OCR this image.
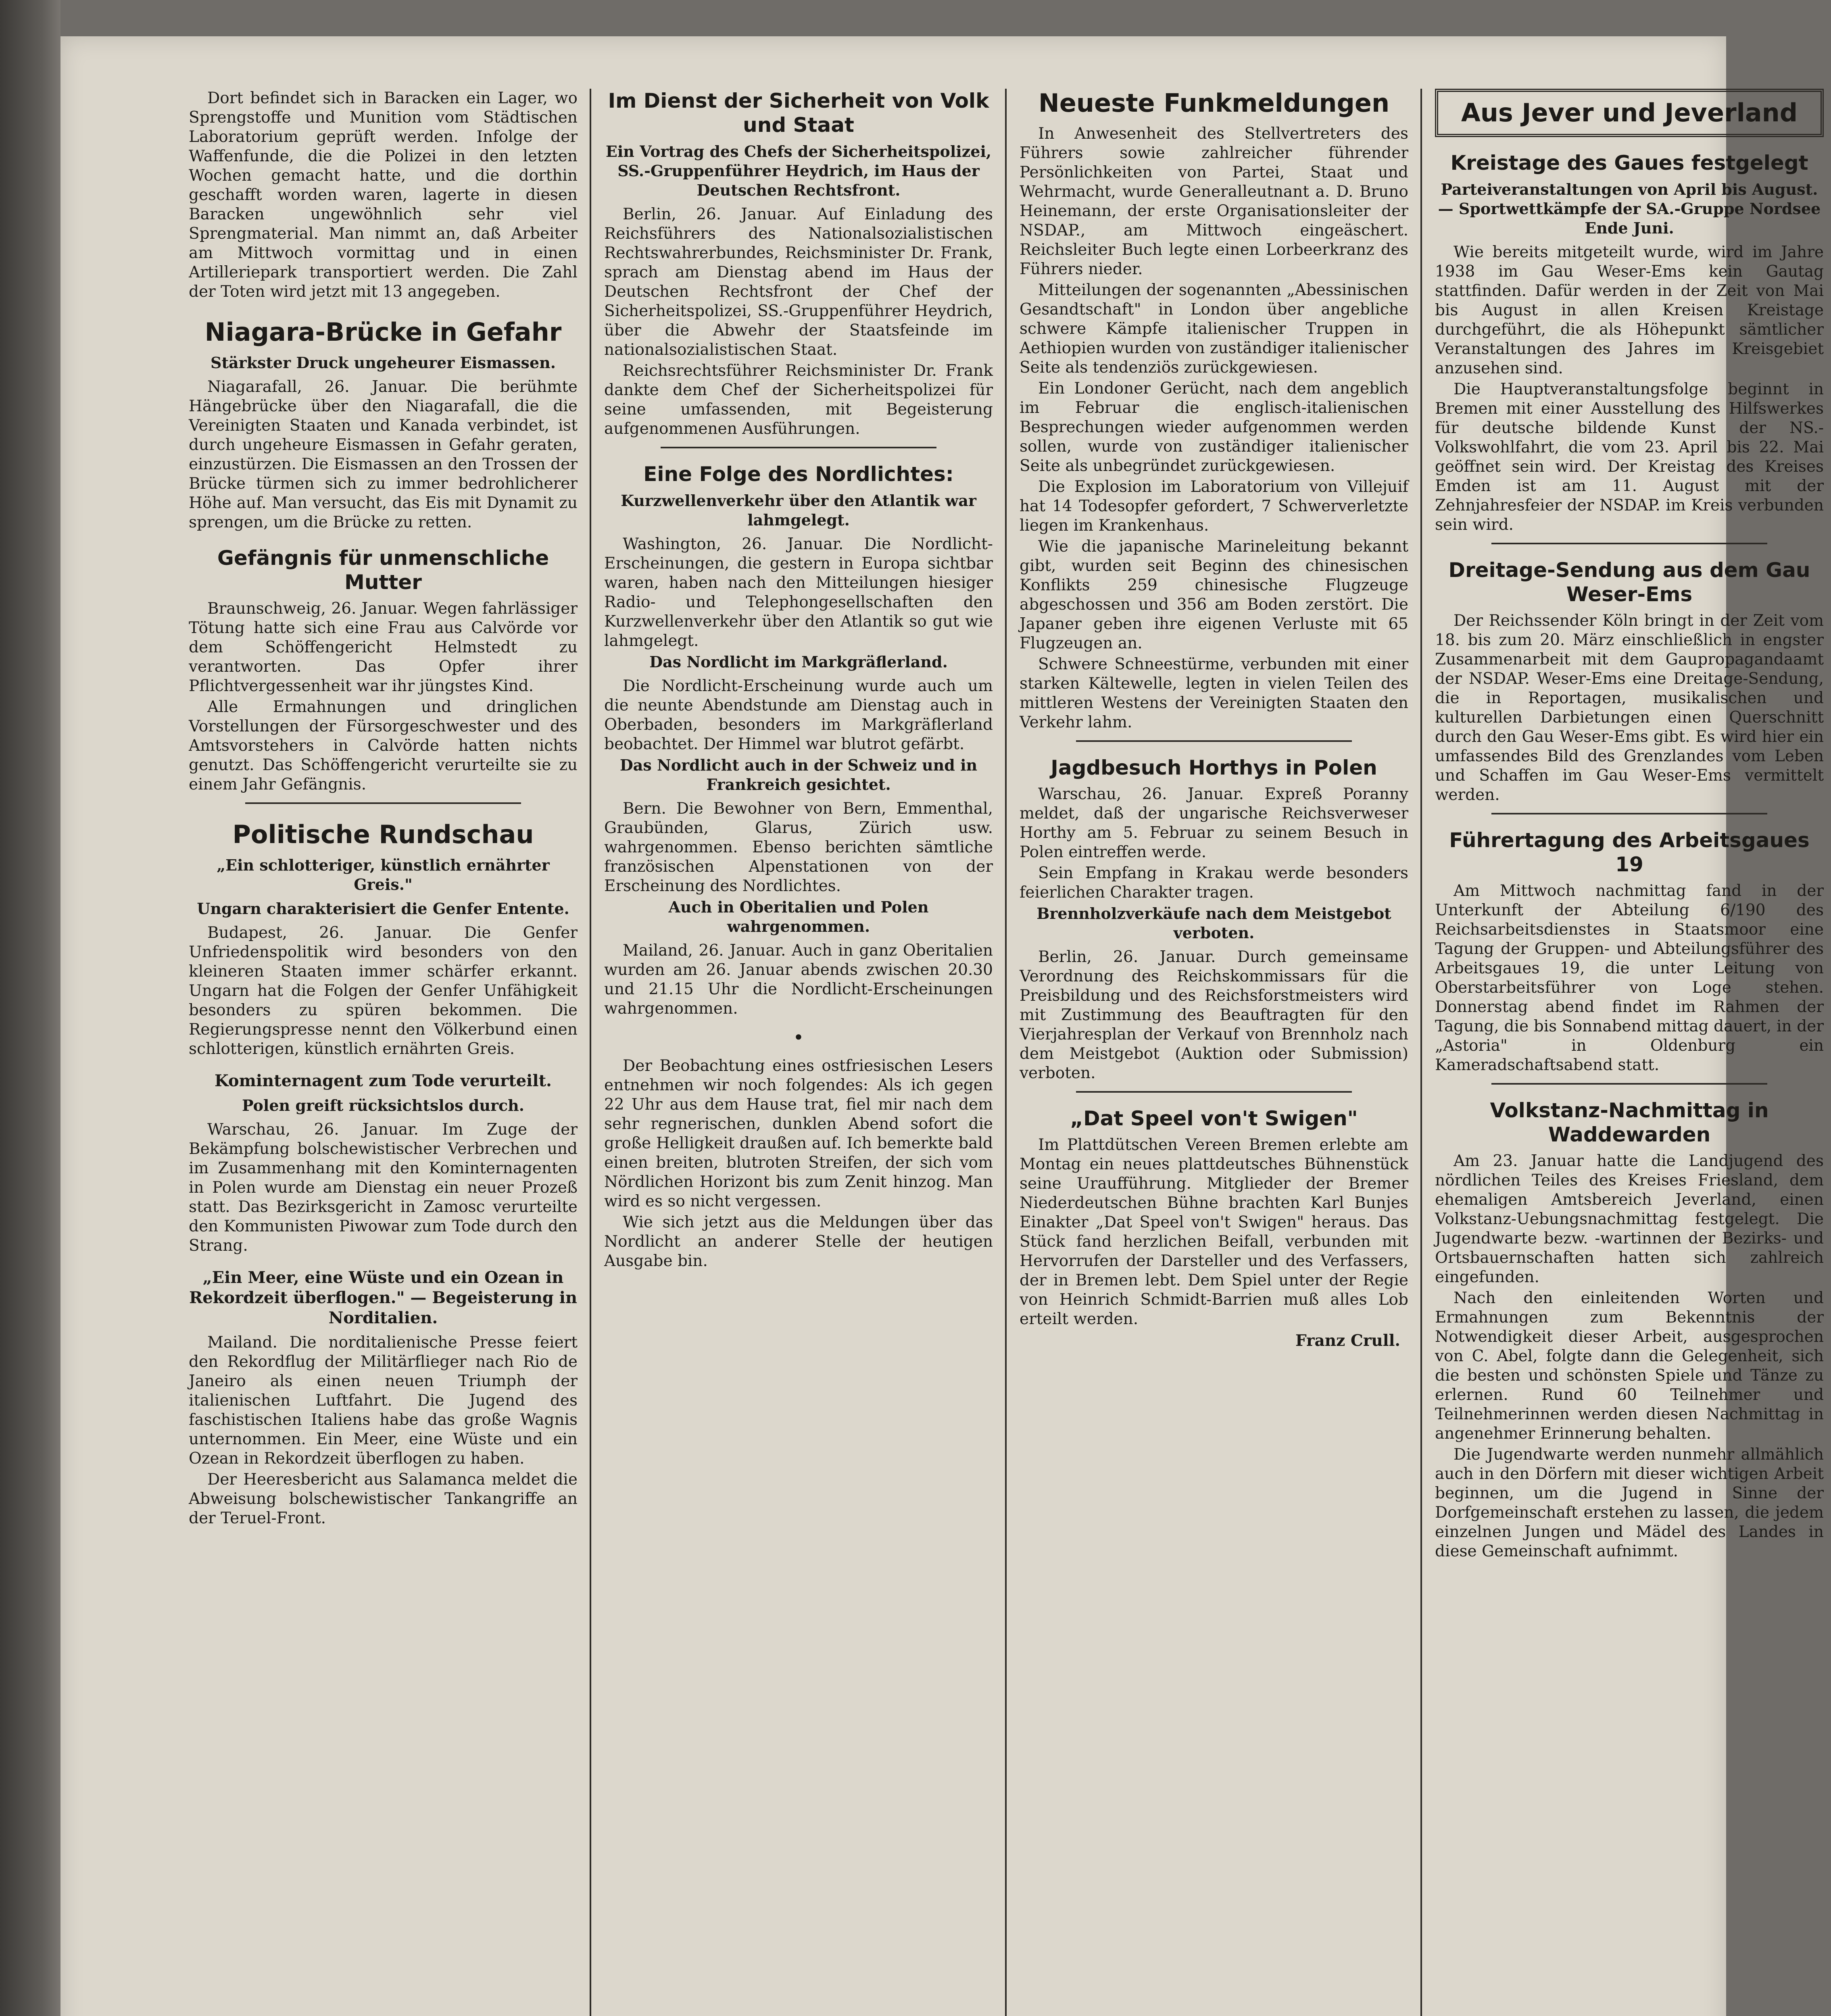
Dort befindet sich in Baracken ein Lager, wo Sprengstoffe und Munition vom Städtischen Laboratorium geprüft werden. Infolge der Waffenfunde, die die Polizei in den letzten Wochen gemacht hatte, und die dorthin geschafft worden waren, lagerte in diesen Baracken ungewöhnlich sehr viel Sprengmaterial. Man nimmt an, daß Arbeiter am Mittwoch vormittag und in einen Artilleriepark transportiert werden. Die Zahl der Toten wird jetzt mit 13 angegeben.

Niagara-Brücke in Gefahr
Stärkster Druck ungeheurer Eismassen.

Niagarafall, 26. Januar. Die berühmte Hängebrücke über den Niagarafall, die die Vereinigten Staaten und Kanada verbindet, ist durch ungeheure Eismassen in Gefahr geraten, einzustürzen. Die Eismassen an den Trossen der Brücke türmen sich zu immer bedrohlicherer Höhe auf. Man versucht, das Eis mit Dynamit zu sprengen, um die Brücke zu retten.

Gefängnis für unmenschliche Mutter

Braunschweig, 26. Januar. Wegen fahrlässiger Tötung hatte sich eine Frau aus Calvörde vor dem Schöffengericht Helmstedt zu verantworten. Das Opfer ihrer Pflichtvergessenheit war ihr jüngstes Kind.

Alle Ermahnungen und dringlichen Vorstellungen der Fürsorgeschwester und des Amtsvorstehers in Calvörde hatten nichts genutzt. Das Schöffengericht verurteilte sie zu einem Jahr Gefängnis.

Politische Rundschau
„Ein schlotteriger, künstlich ernährter Greis."
Ungarn charakterisiert die Genfer Entente.

Budapest, 26. Januar. Die Genfer Unfriedenspolitik wird besonders von den kleineren Staaten immer schärfer erkannt. Ungarn hat die Folgen der Genfer Unfähigkeit besonders zu spüren bekommen. Die Regierungspresse nennt den Völkerbund einen schlotterigen, künstlich ernährten Greis.

Kominternagent zum Tode verurteilt.
Polen greift rücksichtslos durch.

Warschau, 26. Januar. Im Zuge der Bekämpfung bolschewistischer Verbrechen und im Zusammenhang mit den Kominternagenten in Polen wurde am Dienstag ein neuer Prozeß statt. Das Bezirksgericht in Zamosc verurteilte den Kommunisten Piwowar zum Tode durch den Strang.

„Ein Meer, eine Wüste und ein Ozean in Rekordzeit überflogen." — Begeisterung in Norditalien.

Mailand. Die norditalienische Presse feiert den Rekordflug der Militärflieger nach Rio de Janeiro als einen neuen Triumph der italienischen Luftfahrt. Die Jugend des faschistischen Italiens habe das große Wagnis unternommen. Ein Meer, eine Wüste und ein Ozean in Rekordzeit überflogen zu haben.

Der Heeresbericht aus Salamanca meldet die Abweisung bolschewistischer Tankangriffe an der Teruel-Front.

Im Dienst der Sicherheit von Volk und Staat
Ein Vortrag des Chefs der Sicherheitspolizei, SS.-Gruppenführer Heydrich, im Haus der Deutschen Rechtsfront.

Berlin, 26. Januar. Auf Einladung des Reichsführers des Nationalsozialistischen Rechtswahrerbundes, Reichsminister Dr. Frank, sprach am Dienstag abend im Haus der Deutschen Rechtsfront der Chef der Sicherheitspolizei, SS.-Gruppenführer Heydrich, über die Abwehr der Staatsfeinde im nationalsozialistischen Staat.

Reichsrechtsführer Reichsminister Dr. Frank dankte dem Chef der Sicherheitspolizei für seine umfassenden, mit Begeisterung aufgenommenen Ausführungen.

Eine Folge des Nordlichtes:
Kurzwellenverkehr über den Atlantik war lahmgelegt.

Washington, 26. Januar. Die Nordlicht-Erscheinungen, die gestern in Europa sichtbar waren, haben nach den Mitteilungen hiesiger Radio- und Telephongesellschaften den Kurzwellenverkehr über den Atlantik so gut wie lahmgelegt.

Das Nordlicht im Markgräflerland.

Die Nordlicht-Erscheinung wurde auch um die neunte Abendstunde am Dienstag auch in Oberbaden, besonders im Markgräflerland beobachtet. Der Himmel war blutrot gefärbt.

Das Nordlicht auch in der Schweiz und in Frankreich gesichtet.

Bern. Die Bewohner von Bern, Emmenthal, Graubünden, Glarus, Zürich usw. wahrgenommen. Ebenso berichten sämtliche französischen Alpenstationen von der Erscheinung des Nordlichtes.

Auch in Oberitalien und Polen wahrgenommen.

Mailand, 26. Januar. Auch in ganz Oberitalien wurden am 26. Januar abends zwischen 20.30 und 21.15 Uhr die Nordlicht-Erscheinungen wahrgenommen.

•

Der Beobachtung eines ostfriesischen Lesers entnehmen wir noch folgendes: Als ich gegen 22 Uhr aus dem Hause trat, fiel mir nach dem sehr regnerischen, dunklen Abend sofort die große Helligkeit draußen auf. Ich bemerkte bald einen breiten, blutroten Streifen, der sich vom Nördlichen Horizont bis zum Zenit hinzog. Man wird es so nicht vergessen.

Wie sich jetzt aus die Meldungen über das Nordlicht an anderer Stelle der heutigen Ausgabe bin.

Neueste Funkmeldungen

In Anwesenheit des Stellvertreters des Führers sowie zahlreicher führender Persönlichkeiten von Partei, Staat und Wehrmacht, wurde Generalleutnant a. D. Bruno Heinemann, der erste Organisationsleiter der NSDAP., am Mittwoch eingeäschert. Reichsleiter Buch legte einen Lorbeerkranz des Führers nieder.

Mitteilungen der sogenannten „Abessinischen Gesandtschaft" in London über angebliche schwere Kämpfe italienischer Truppen in Aethiopien wurden von zuständiger italienischer Seite als tendenziös zurückgewiesen.

Ein Londoner Gerücht, nach dem angeblich im Februar die englisch-italienischen Besprechungen wieder aufgenommen werden sollen, wurde von zuständiger italienischer Seite als unbegründet zurückgewiesen.

Die Explosion im Laboratorium von Villejuif hat 14 Todesopfer gefordert, 7 Schwerverletzte liegen im Krankenhaus.

Wie die japanische Marineleitung bekannt gibt, wurden seit Beginn des chinesischen Konflikts 259 chinesische Flugzeuge abgeschossen und 356 am Boden zerstört. Die Japaner geben ihre eigenen Verluste mit 65 Flugzeugen an.

Schwere Schneestürme, verbunden mit einer starken Kältewelle, legten in vielen Teilen des mittleren Westens der Vereinigten Staaten den Verkehr lahm.

Jagdbesuch Horthys in Polen

Warschau, 26. Januar. Expreß Poranny meldet, daß der ungarische Reichsverweser Horthy am 5. Februar zu seinem Besuch in Polen eintreffen werde.

Sein Empfang in Krakau werde besonders feierlichen Charakter tragen.

Brennholzverkäufe nach dem Meistgebot verboten.

Berlin, 26. Januar. Durch gemeinsame Verordnung des Reichskommissars für die Preisbildung und des Reichsforstmeisters wird mit Zustimmung des Beauftragten für den Vierjahresplan der Verkauf von Brennholz nach dem Meistgebot (Auktion oder Submission) verboten.

„Dat Speel von't Swigen"

Im Plattdütschen Vereen Bremen erlebte am Montag ein neues plattdeutsches Bühnenstück seine Uraufführung. Mitglieder der Bremer Niederdeutschen Bühne brachten Karl Bunjes Einakter „Dat Speel von't Swigen" heraus. Das Stück fand herzlichen Beifall, verbunden mit Hervorrufen der Darsteller und des Verfassers, der in Bremen lebt. Dem Spiel unter der Regie von Heinrich Schmidt-Barrien muß alles Lob erteilt werden.

Franz Crull.
Aus Jever und Jeverland
Kreistage des Gaues festgelegt
Parteiveranstaltungen von April bis August. — Sportwettkämpfe der SA.-Gruppe Nordsee Ende Juni.

Wie bereits mitgeteilt wurde, wird im Jahre 1938 im Gau Weser-Ems kein Gautag stattfinden. Dafür werden in der Zeit von Mai bis August in allen Kreisen Kreistage durchgeführt, die als Höhepunkt sämtlicher Veranstaltungen des Jahres im Kreisgebiet anzusehen sind.

Die Hauptveranstaltungsfolge beginnt in Bremen mit einer Ausstellung des Hilfswerkes für deutsche bildende Kunst der NS.-Volkswohlfahrt, die vom 23. April bis 22. Mai geöffnet sein wird. Der Kreistag des Kreises Emden ist am 11. August mit der Zehnjahresfeier der NSDAP. im Kreis verbunden sein wird.

Dreitage-Sendung aus dem Gau Weser-Ems

Der Reichssender Köln bringt in der Zeit vom 18. bis zum 20. März einschließlich in engster Zusammenarbeit mit dem Gaupropagandaamt der NSDAP. Weser-Ems eine Dreitage-Sendung, die in Reportagen, musikalischen und kulturellen Darbietungen einen Querschnitt durch den Gau Weser-Ems gibt. Es wird hier ein umfassendes Bild des Grenzlandes vom Leben und Schaffen im Gau Weser-Ems vermittelt werden.

Führertagung des Arbeitsgaues 19

Am Mittwoch nachmittag fand in der Unterkunft der Abteilung 6/190 des Reichsarbeitsdienstes in Staatsmoor eine Tagung der Gruppen- und Abteilungsführer des Arbeitsgaues 19, die unter Leitung von Oberstarbeitsführer von Loge stehen. Donnerstag abend findet im Rahmen der Tagung, die bis Sonnabend mittag dauert, in der „Astoria" in Oldenburg ein Kameradschaftsabend statt.

Volkstanz-Nachmittag in Waddewarden

Am 23. Januar hatte die Landjugend des nördlichen Teiles des Kreises Friesland, dem ehemaligen Amtsbereich Jeverland, einen Volkstanz-Uebungsnachmittag festgelegt. Die Jugendwarte bezw. -wartinnen der Bezirks- und Ortsbauernschaften hatten sich zahlreich eingefunden.

Nach den einleitenden Worten und Ermahnungen zum Bekenntnis der Notwendigkeit dieser Arbeit, ausgesprochen von C. Abel, folgte dann die Gelegenheit, sich die besten und schönsten Spiele und Tänze zu erlernen. Rund 60 Teilnehmer und Teilnehmerinnen werden diesen Nachmittag in angenehmer Erinnerung behalten.

Die Jugendwarte werden nunmehr allmählich auch in den Dörfern mit dieser wichtigen Arbeit beginnen, um die Jugend in Sinne der Dorfgemeinschaft erstehen zu lassen, die jedem einzelnen Jungen und Mädel des Landes in diese Gemeinschaft aufnimmt.
